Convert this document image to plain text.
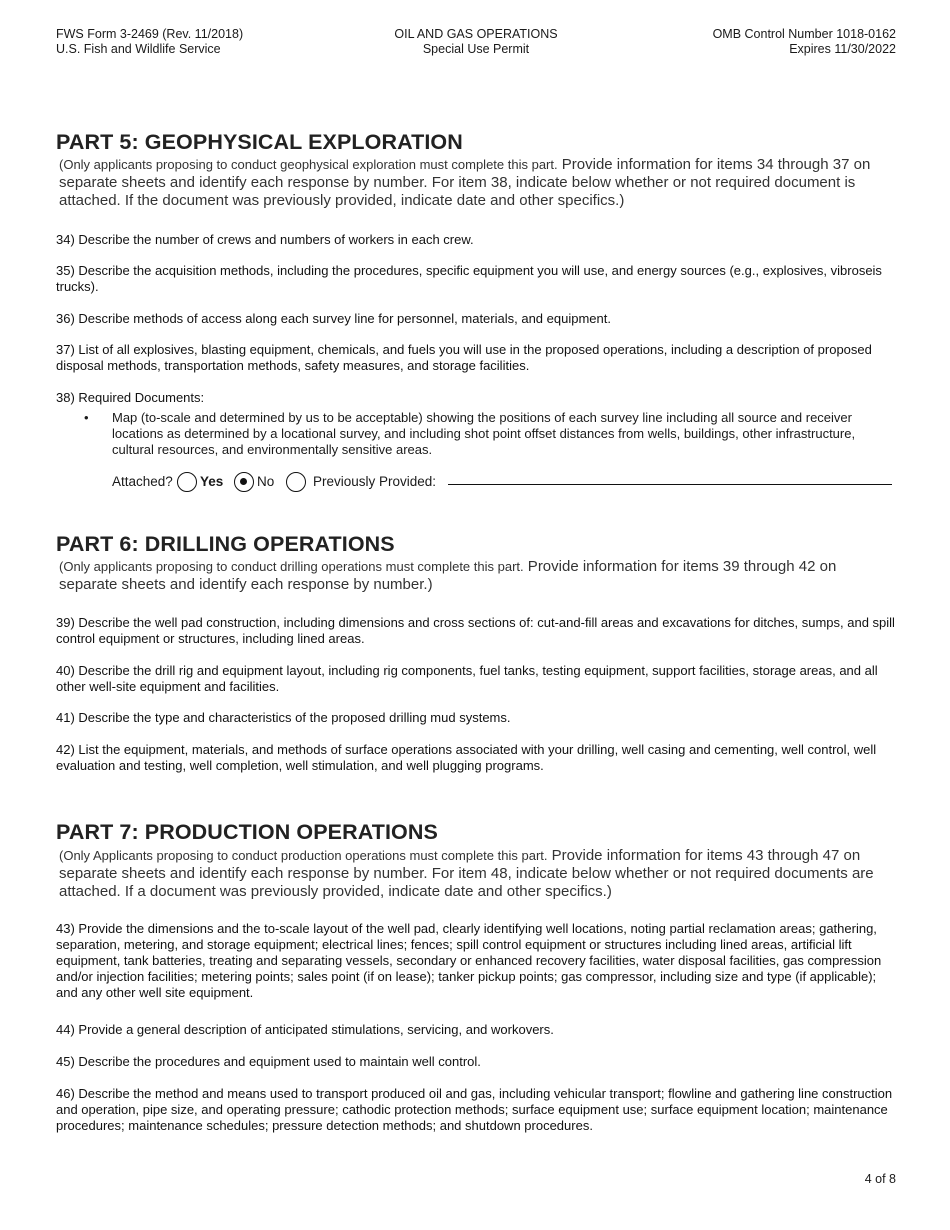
FWS Form 3-2469 (Rev. 11/2018)
U.S. Fish and Wildlife Service
OIL AND GAS OPERATIONS
Special Use Permit
OMB Control Number 1018-0162
Expires 11/30/2022
PART 5: GEOPHYSICAL EXPLORATION
(Only applicants proposing to conduct geophysical exploration must complete this part. Provide information for items 34 through 37 on separate sheets and identify each response by number. For item 38, indicate below whether or not required document is attached. If the document was previously provided, indicate date and other specifics.)
34) Describe the number of crews and numbers of workers in each crew.
35) Describe the acquisition methods, including the procedures, specific equipment you will use, and energy sources (e.g., explosives, vibroseis trucks).
36) Describe methods of access along each survey line for personnel, materials, and equipment.
37) List of all explosives, blasting equipment, chemicals, and fuels you will use in the proposed operations, including a description of proposed disposal methods, transportation methods, safety measures, and storage facilities.
38) Required Documents:
• Map (to-scale and determined by us to be acceptable) showing the positions of each survey line including all source and receiver locations as determined by a locational survey, and including shot point offset distances from wells, buildings, other infrastructure, cultural resources, and environmentally sensitive areas.
Attached? Yes No	Previously Provided:
PART 6: DRILLING OPERATIONS
(Only applicants proposing to conduct drilling operations must complete this part. Provide information for items 39 through 42 on separate sheets and identify each response by number.)
39) Describe the well pad construction, including dimensions and cross sections of: cut-and-fill areas and excavations for ditches, sumps, and spill control equipment or structures, including lined areas.
40) Describe the drill rig and equipment layout, including rig components, fuel tanks, testing equipment, support facilities, storage areas, and all other well-site equipment and facilities.
41) Describe the type and characteristics of the proposed drilling mud systems.
42) List the equipment, materials, and methods of surface operations associated with your drilling, well casing and cementing, well control, well evaluation and testing, well completion, well stimulation, and well plugging programs.
PART 7: PRODUCTION OPERATIONS
(Only Applicants proposing to conduct production operations must complete this part. Provide information for items 43 through 47 on separate sheets and identify each response by number. For item 48, indicate below whether or not required documents are attached. If a document was previously provided, indicate date and other specifics.)
43) Provide the dimensions and the to-scale layout of the well pad, clearly identifying well locations, noting partial reclamation areas; gathering, separation, metering, and storage equipment; electrical lines; fences; spill control equipment or structures including lined areas, artificial lift equipment, tank batteries, treating and separating vessels, secondary or enhanced recovery facilities, water disposal facilities, gas compression and/or injection facilities; metering points; sales point (if on lease); tanker pickup points; gas compressor, including size and type (if applicable); and any other well site equipment.
44) Provide a general description of anticipated stimulations, servicing, and workovers.
45) Describe the procedures and equipment used to maintain well control.
46) Describe the method and means used to transport produced oil and gas, including vehicular transport; flowline and gathering line construction and operation, pipe size, and operating pressure; cathodic protection methods; surface equipment use; surface equipment location; maintenance procedures; maintenance schedules; pressure detection methods; and shutdown procedures.
4 of 8
